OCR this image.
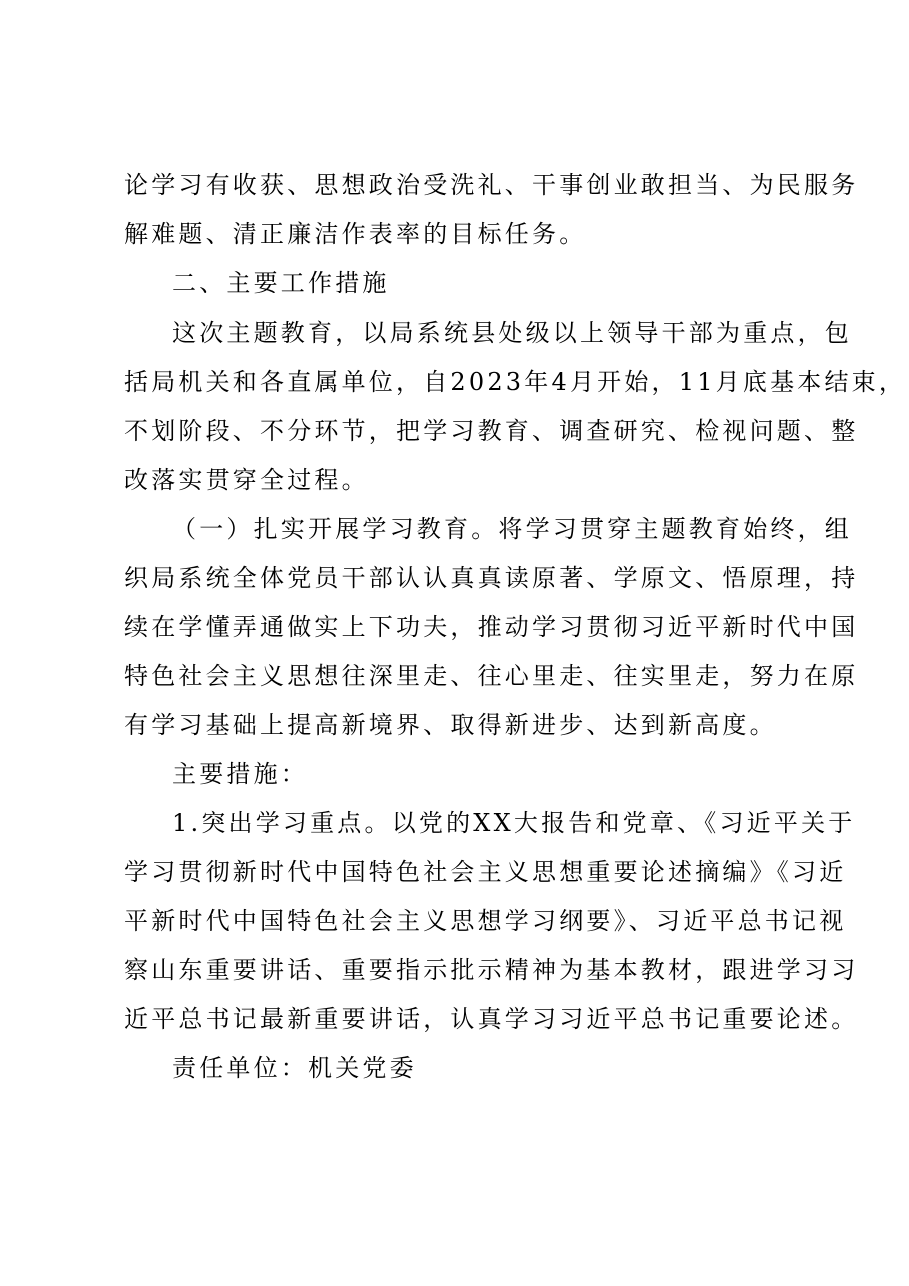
论学习有收获、思想政治受洗礼、干事创业敢担当、为民服务
解难题、清正廉洁作表率的目标任务。
二、主要工作措施
这次主题教育，以局系统县处级以上领导干部为重点，包
括局机关和各直属单位，自2023年4月开始，11月底基本结束，
不划阶段、不分环节，把学习教育、调查研究、检视问题、整
改落实贯穿全过程。
（一）扎实开展学习教育。将学习贯穿主题教育始终，组
织局系统全体党员干部认认真真读原著、学原文、悟原理，持
续在学懂弄通做实上下功夫，推动学习贯彻习近平新时代中国
特色社会主义思想往深里走、往心里走、往实里走，努力在原
有学习基础上提高新境界、取得新进步、达到新高度。
主要措施：
1.突出学习重点。以党的XX大报告和党章、《习近平关于
学习贯彻新时代中国特色社会主义思想重要论述摘编》《习近
平新时代中国特色社会主义思想学习纲要》、习近平总书记视
察山东重要讲话、重要指示批示精神为基本教材，跟进学习习
近平总书记最新重要讲话，认真学习习近平总书记重要论述。
责任单位：机关党委
